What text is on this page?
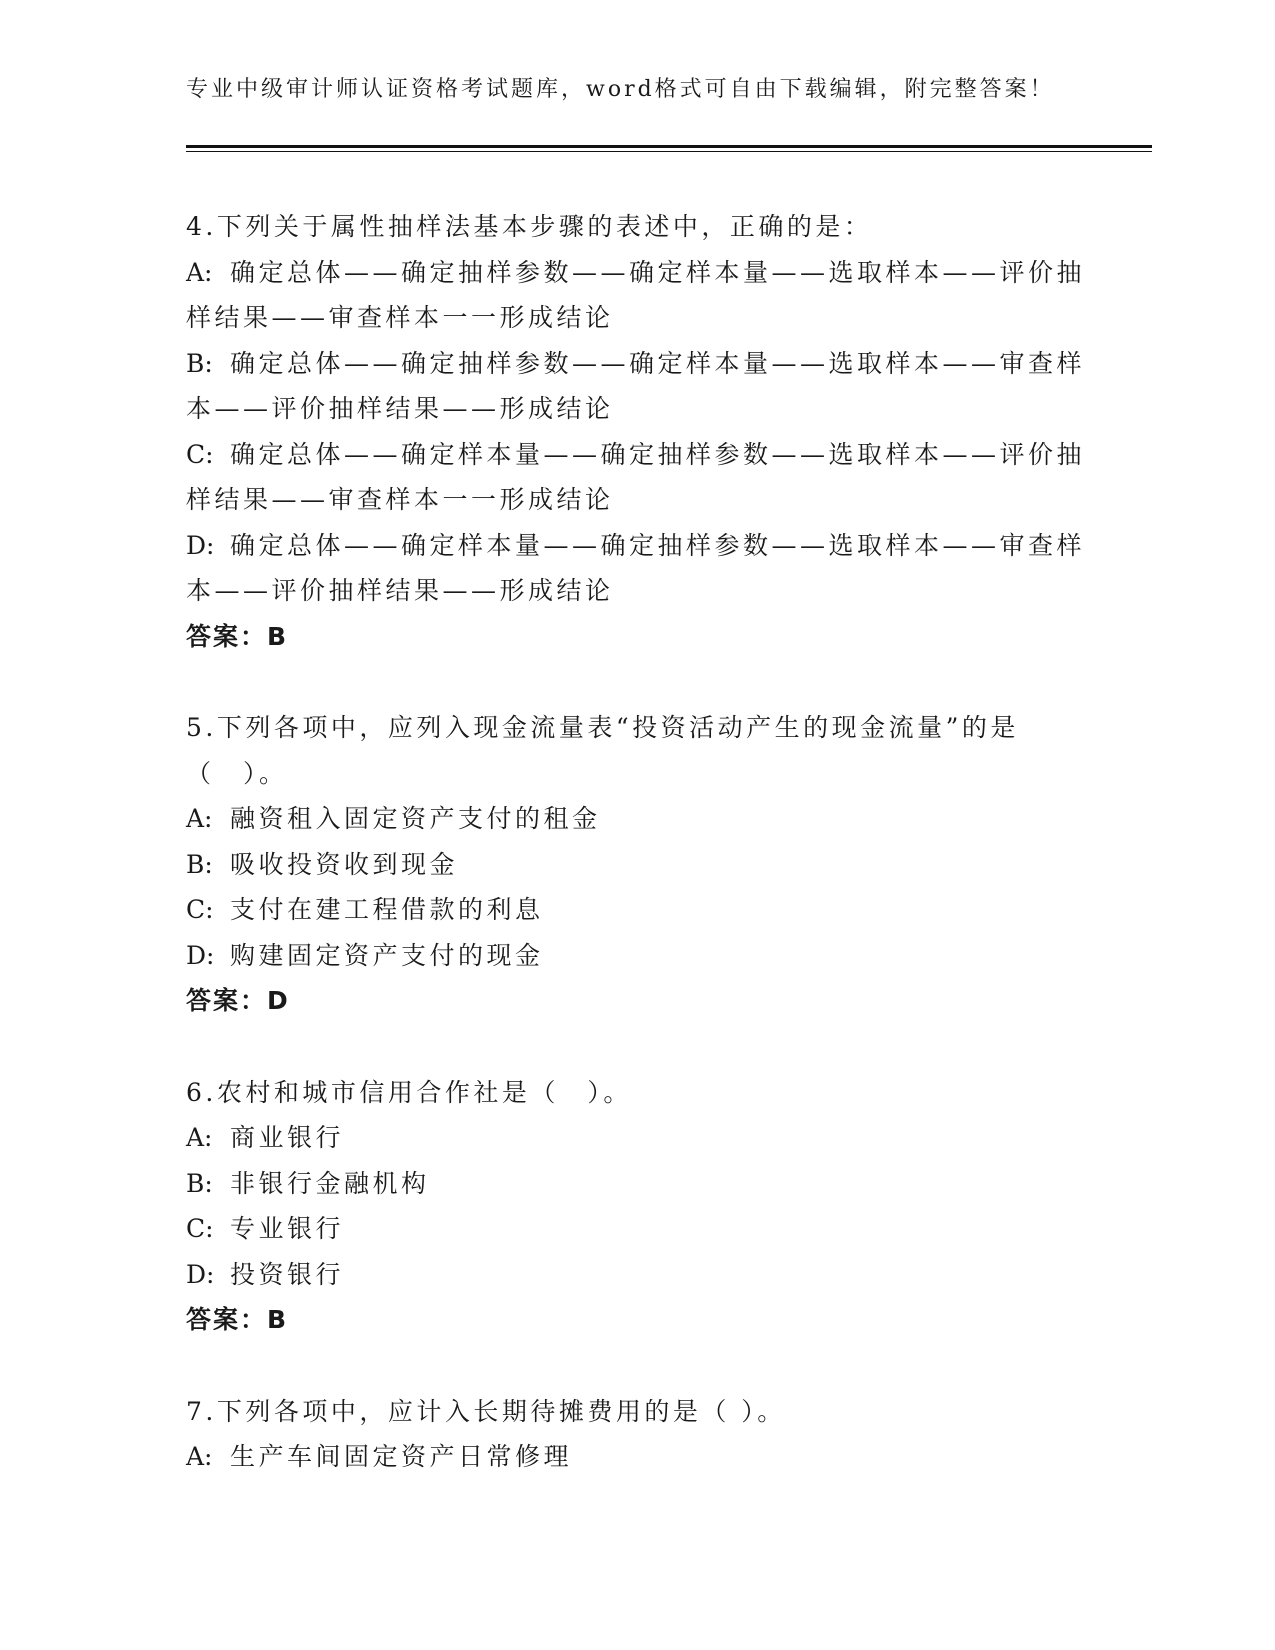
专业中级审计师认证资格考试题库，word格式可自由下载编辑，附完整答案！
4.下列关于属性抽样法基本步骤的表述中，正确的是：
A: 确定总体——确定抽样参数——确定样本量——选取样本——评价抽样结果——审查样本一一形成结论
B: 确定总体——确定抽样参数——确定样本量——选取样本——审查样本——评价抽样结果——形成结论
C: 确定总体——确定样本量——确定抽样参数——选取样本——评价抽样结果——审查样本一一形成结论
D: 确定总体——确定样本量——确定抽样参数——选取样本——审查样本——评价抽样结果——形成结论
答案：B
5.下列各项中，应列入现金流量表“投资活动产生的现金流量”的是（　）。
A: 融资租入固定资产支付的租金
B: 吸收投资收到现金
C: 支付在建工程借款的利息
D: 购建固定资产支付的现金
答案：D
6.农村和城市信用合作社是（　）。
A: 商业银行
B: 非银行金融机构
C: 专业银行
D: 投资银行
答案：B
7.下列各项中，应计入长期待摊费用的是（ ）。
A: 生产车间固定资产日常修理
